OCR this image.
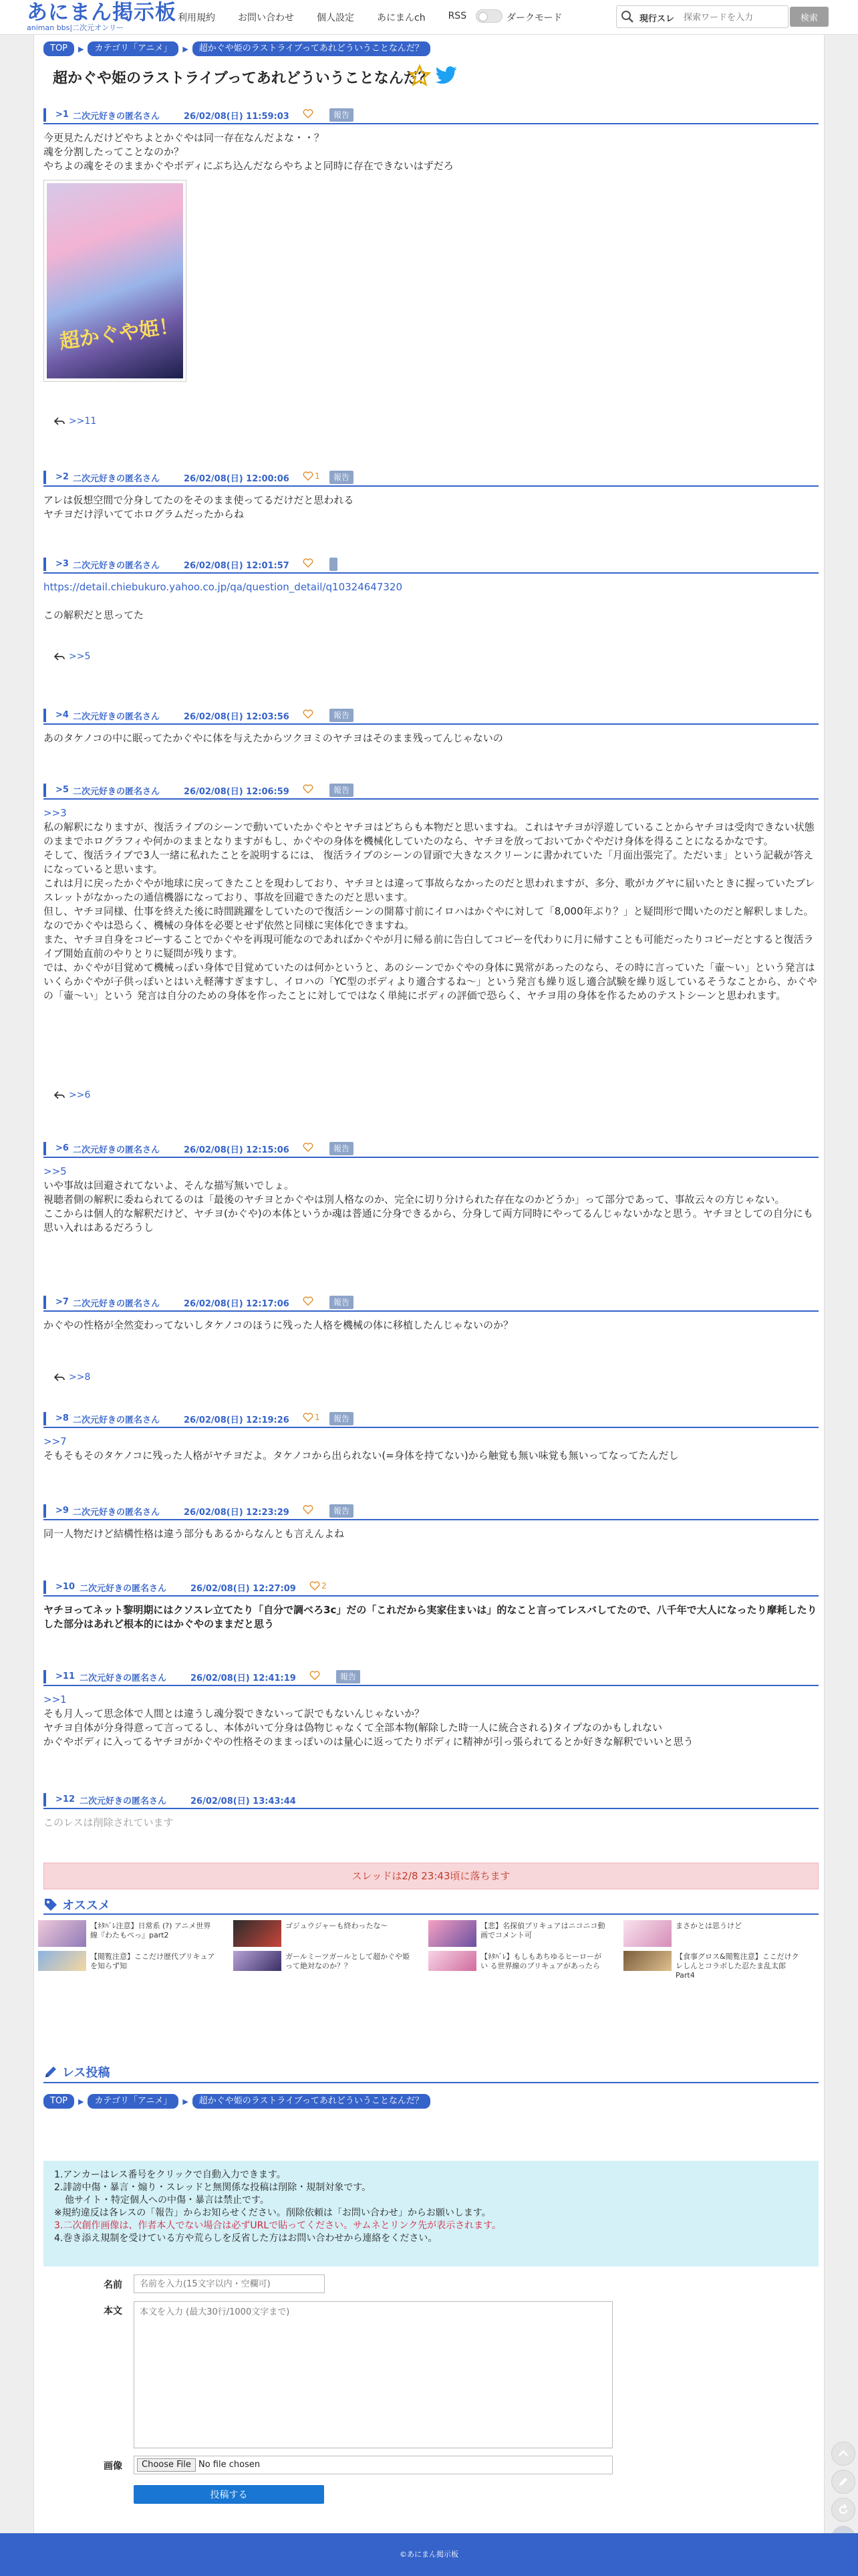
あにまん掲示板
animan bbs|二次元オンリー
利用規約 お問い合わせ 個人設定 あにまんch RSS	ダークモード	現行スレ
探索ワードを入力	検索
TOP	▶	カテゴリ「アニメ」	▶	超かぐや姫のラストライブってあれどういうことなんだ？
超かぐや姫のラストライブってあれどういうことなんだ？
>1 二次元好きの匿名さん	26/02/08(日) 11:59:03	報告
今更見たんだけどやちよとかぐやは同一存在なんだよな・・？
魂を分割したってことなのか？
やちよの魂をそのままかぐやボディにぶち込んだならやちよと同時に存在できないはずだろ
超かぐや姫！
>>11
>2 二次元好きの匿名さん	26/02/08(日) 12:00:06	1	報告
アレは仮想空間で分身してたのをそのまま使ってるだけだと思われる
ヤチヨだけ浮いててホログラムだったからね
>3 二次元好きの匿名さん	26/02/08(日) 12:01:57
https://detail.chiebukuro.yahoo.co.jp/qa/question_detail/q10324647320
この解釈だと思ってた
>>5
>4 二次元好きの匿名さん	26/02/08(日) 12:03:56	報告
あのタケノコの中に眠ってたかぐやに体を与えたからツクヨミのヤチヨはそのまま残ってんじゃないの
>5 二次元好きの匿名さん	26/02/08(日) 12:06:59	報告
>>3
私の解釈になりますが、復活ライブのシーンで動いていたかぐやとヤチヨはどちらも本物だと思いますね。これはヤチヨが浮遊していることからヤチヨは受肉できない状態のままでホログラフィや何かのままとなりますがもし、かぐやの身体を機械化していたのなら、ヤチヨを放っておいてかぐやだけ身体を得ることになるかなです。
そして、復活ライブで3人一緒に私れたことを説明するには、 復活ライブのシーンの冒頭で大きなスクリーンに書かれていた「月面出張完了。ただいま」という記載が答えになっていると思います。
これは月に戻ったかぐやが地球に戻ってきたことを現わしており、ヤチヨとは違って事故らなかったのだと思われますが、多分、歌がカグヤに届いたときに握っていたブレスレットがなかったの通信機器になっており、事故を回避できたのだと思います。
但し、ヤチヨ同様、仕事を終えた後に時間跳躍をしていたので復活シーンの開幕寸前にイロハはかぐやに対して「8,000年ぶり？」と疑問形で聞いたのだと解釈しました。 なのでかぐやは恐らく、機械の身体を必要とせず依然と同様に実体化できますね。
また、ヤチヨ自身をコピーすることでかぐやを再現可能なのであればかぐやが月に帰る前に告白してコピーを代わりに月に帰すことも可能だったりコピーだとすると復活ライブ開始直前のやりとりに疑問が残ります。
では、かぐやが目覚めて機械っぽい身体で目覚めていたのは何かというと、あのシーンでかぐやの身体に異常があったのなら、その時に言っていた「壷〜い」という発言はいくらかぐやが子供っぽいとはいえ軽薄すぎますし、イロハの「YC型のボディより適合するね〜」という発言も繰り返し適合試験を繰り返しているそうなことから、かぐやの「壷〜い」という 発言は自分のための身体を作ったことに対してではなく単純にボディの評価で恐らく、ヤチヨ用の身体を作るためのテストシーンと思われます。
>>6
>6 二次元好きの匿名さん	26/02/08(日) 12:15:06	報告
>>5
いや事故は回避されてないよ、そんな描写無いでしょ。
視聴者側の解釈に委ねられてるのは「最後のヤチヨとかぐやは別人格なのか、完全に切り分けられた存在なのかどうか」って部分であって、事故云々の方じゃない。
ここからは個人的な解釈だけど、ヤチヨ(かぐや)の本体というか魂は普通に分身できるから、分身して両方同時にやってるんじゃないかなと思う。ヤチヨとしての自分にも思い入れはあるだろうし
>7 二次元好きの匿名さん	26/02/08(日) 12:17:06	報告
かぐやの性格が全然変わってないしタケノコのほうに残った人格を機械の体に移植したんじゃないのか？
>>8
>8 二次元好きの匿名さん	26/02/08(日) 12:19:26	1	報告
>>7
そもそもそのタケノコに残った人格がヤチヨだよ。タケノコから出られない(=身体を持てない)から触覚も無い味覚も無いってなってたんだし
>9 二次元好きの匿名さん	26/02/08(日) 12:23:29	報告
同一人物だけど結構性格は違う部分もあるからなんとも言えんよね
>10 二次元好きの匿名さん	26/02/08(日) 12:27:09	2
ヤチヨってネット黎明期にはクソスレ立てたり「自分で調べろ3c」だの「これだから実家住まいは」的なこと言ってレスバしてたので、八千年で大人になったり摩耗したりした部分はあれど根本的にはかぐやのままだと思う
>11 二次元好きの匿名さん	26/02/08(日) 12:41:19	報告
>>1
そも月人って思念体で人間とは違うし魂分裂できないって訳でもないんじゃないか？
ヤチヨ自体が分身得意って言ってるし、本体がいて分身は偽物じゃなくて全部本物(解除した時一人に統合される)タイプなのかもしれない
かぐやボディに入ってるヤチヨがかぐやの性格そのままっぽいのは量心に返ってたりボディに精神が引っ張られてるとか好きな解釈でいいと思う
>12 二次元好きの匿名さん	26/02/08(日) 13:43:44
このレスは削除されています
スレッドは2/8 23:43頃に落ちます
オススメ
【ﾈﾀﾊﾞﾚ注意】日常系 (?) アニメ世界線『わたもぺっ』part2
【閲覧注意】ここだけ歴代プリキュアを知らず知
ゴジュウジャーも終わったな〜
ガールミーツガールとして超かぐや姫って絶対なのか？？
【悲】名探偵プリキュアはニコニコ動画でコメント可
【ﾈﾀﾊﾞﾚ】もしもあちゆるヒーローがい る世界線のプリキュアがあったら
まさかとは思うけど
【食事グロス&閲覧注意】ここだけクレしんとコラボした忍たま乱太郎Part4
レス投稿
TOP	▶	カテゴリ「アニメ」	▶	超かぐや姫のラストライブってあれどういうことなんだ？
1.アンカーはレス番号をクリックで自動入力できます。
2.誹謗中傷・暴言・煽り・スレッドと無関係な投稿は削除・規制対象です。
他サイト・特定個人への中傷・暴言は禁止です。
※規約違反は各レスの「報告」からお知らせください。削除依頼は「お問い合わせ」からお願いします。
3.二次創作画像は、作者本人でない場合は必ずURLで貼ってください。サムネとリンク先が表示されます。
4.巻き添え規制を受けている方や荒らしを反省した方はお問い合わせから連絡をください。
名前
名前を入力(15文字以内・空欄可)
本文
本文を入力 (最大30行/1000文字まで)
画像	Choose File No file chosen
投稿する
©あにまん掲示板
